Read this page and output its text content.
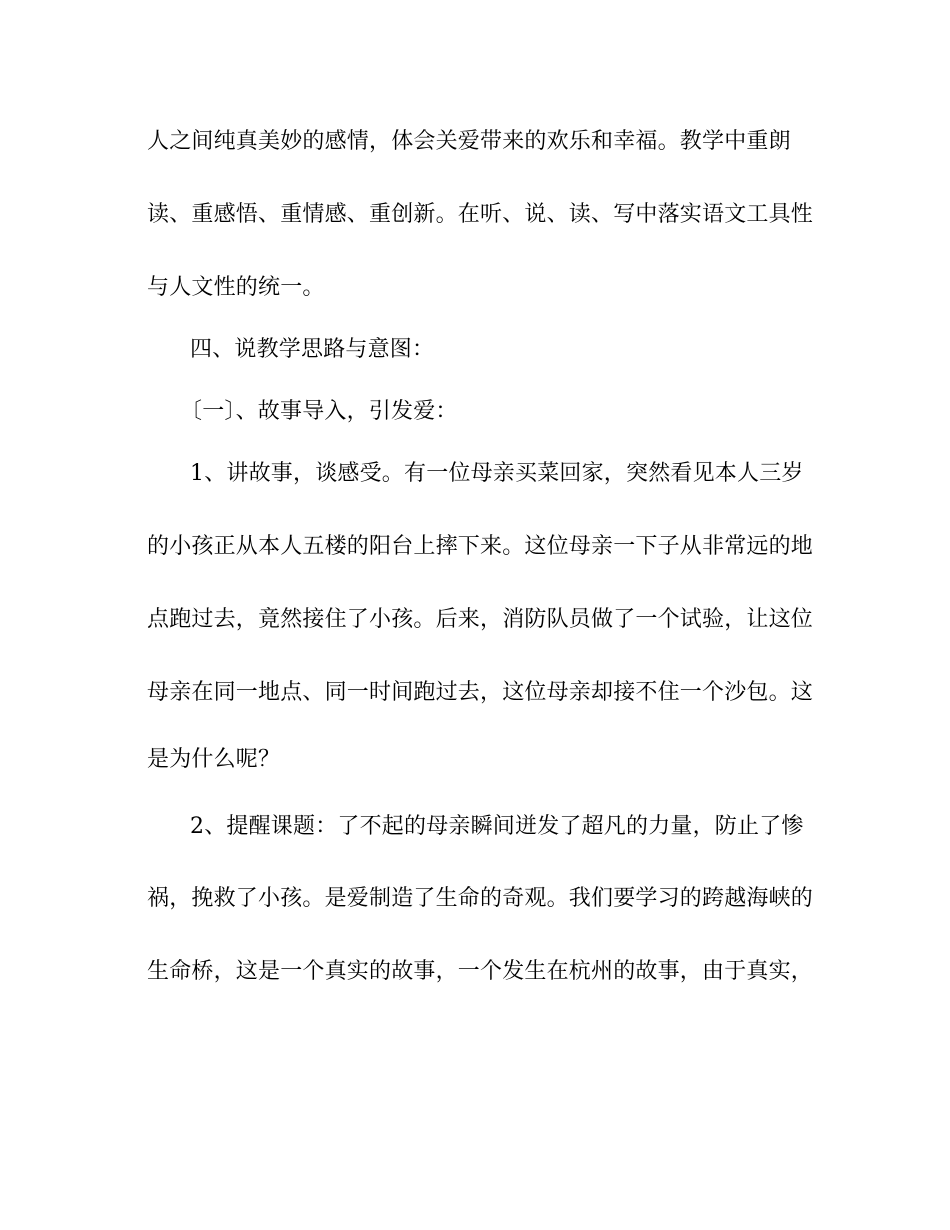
人之间纯真美妙的感情，体会关爱带来的欢乐和幸福。教学中重朗
读、重感悟、重情感、重创新。在听、说、读、写中落实语文工具性
与人文性的统一。
四、说教学思路与意图：
〔一〕、故事导入，引发爱：
1、讲故事，谈感受。有一位母亲买菜回家，突然看见本人三岁
的小孩正从本人五楼的阳台上摔下来。这位母亲一下子从非常远的地
点跑过去，竟然接住了小孩。后来，消防队员做了一个试验，让这位
母亲在同一地点、同一时间跑过去，这位母亲却接不住一个沙包。这
是为什么呢？
2、提醒课题：了不起的母亲瞬间迸发了超凡的力量，防止了惨
祸，挽救了小孩。是爱制造了生命的奇观。我们要学习的跨越海峡的
生命桥，这是一个真实的故事，一个发生在杭州的故事，由于真实，
